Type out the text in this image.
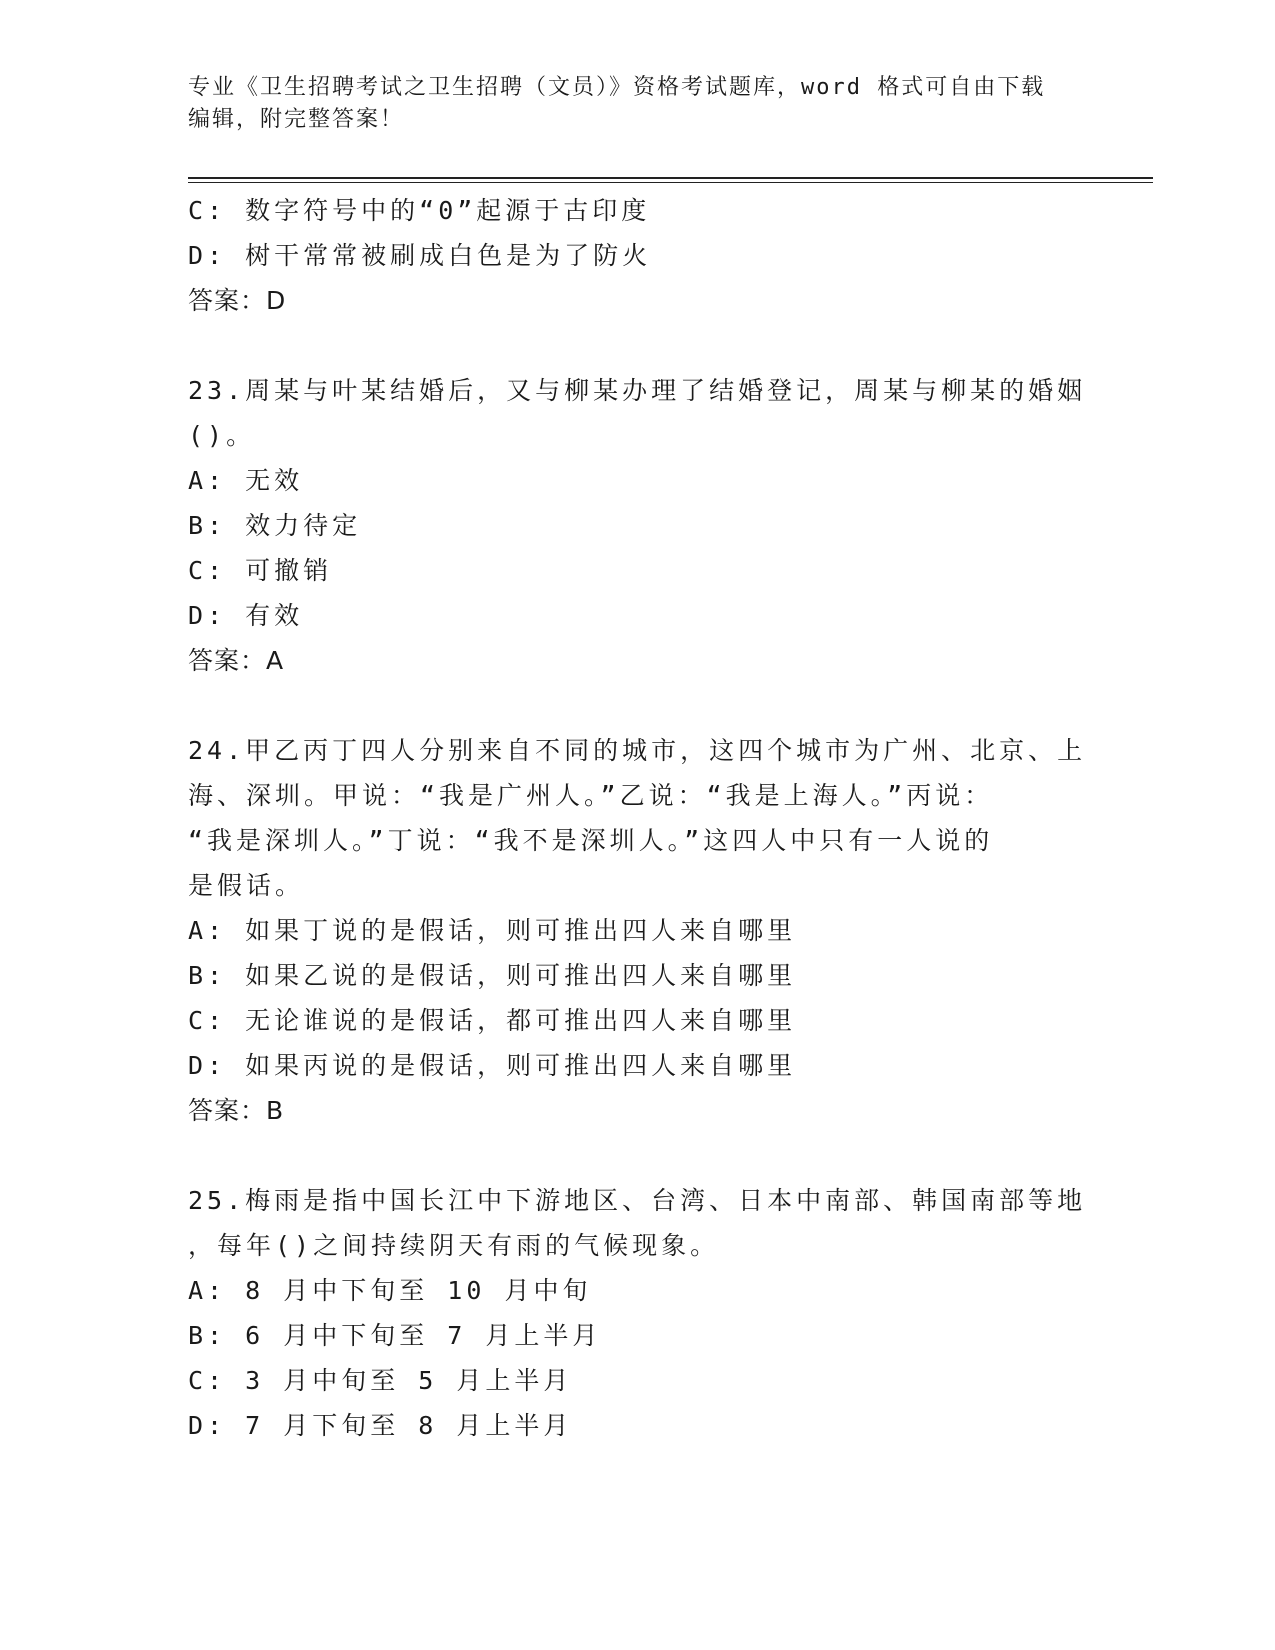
专业《卫生招聘考试之卫生招聘（文员）》资格考试题库，word 格式可自由下载
编辑，附完整答案！
C: 数字符号中的“0”起源于古印度
D: 树干常常被刷成白色是为了防火
答案：D
23.周某与叶某结婚后，又与柳某办理了结婚登记，周某与柳某的婚姻
()。
A: 无效
B: 效力待定
C: 可撤销
D: 有效
答案：A
24.甲乙丙丁四人分别来自不同的城市，这四个城市为广州、北京、上
海、深圳。甲说：“我是广州人。”乙说：“我是上海人。”丙说：
“我是深圳人。”丁说：“我不是深圳人。”这四人中只有一人说的
是假话。
A: 如果丁说的是假话，则可推出四人来自哪里
B: 如果乙说的是假话，则可推出四人来自哪里
C: 无论谁说的是假话，都可推出四人来自哪里
D: 如果丙说的是假话，则可推出四人来自哪里
答案：B
25.梅雨是指中国长江中下游地区、台湾、日本中南部、韩国南部等地
，每年()之间持续阴天有雨的气候现象。
A: 8 月中下旬至 10 月中旬
B: 6 月中下旬至 7 月上半月
C: 3 月中旬至 5 月上半月
D: 7 月下旬至 8 月上半月
